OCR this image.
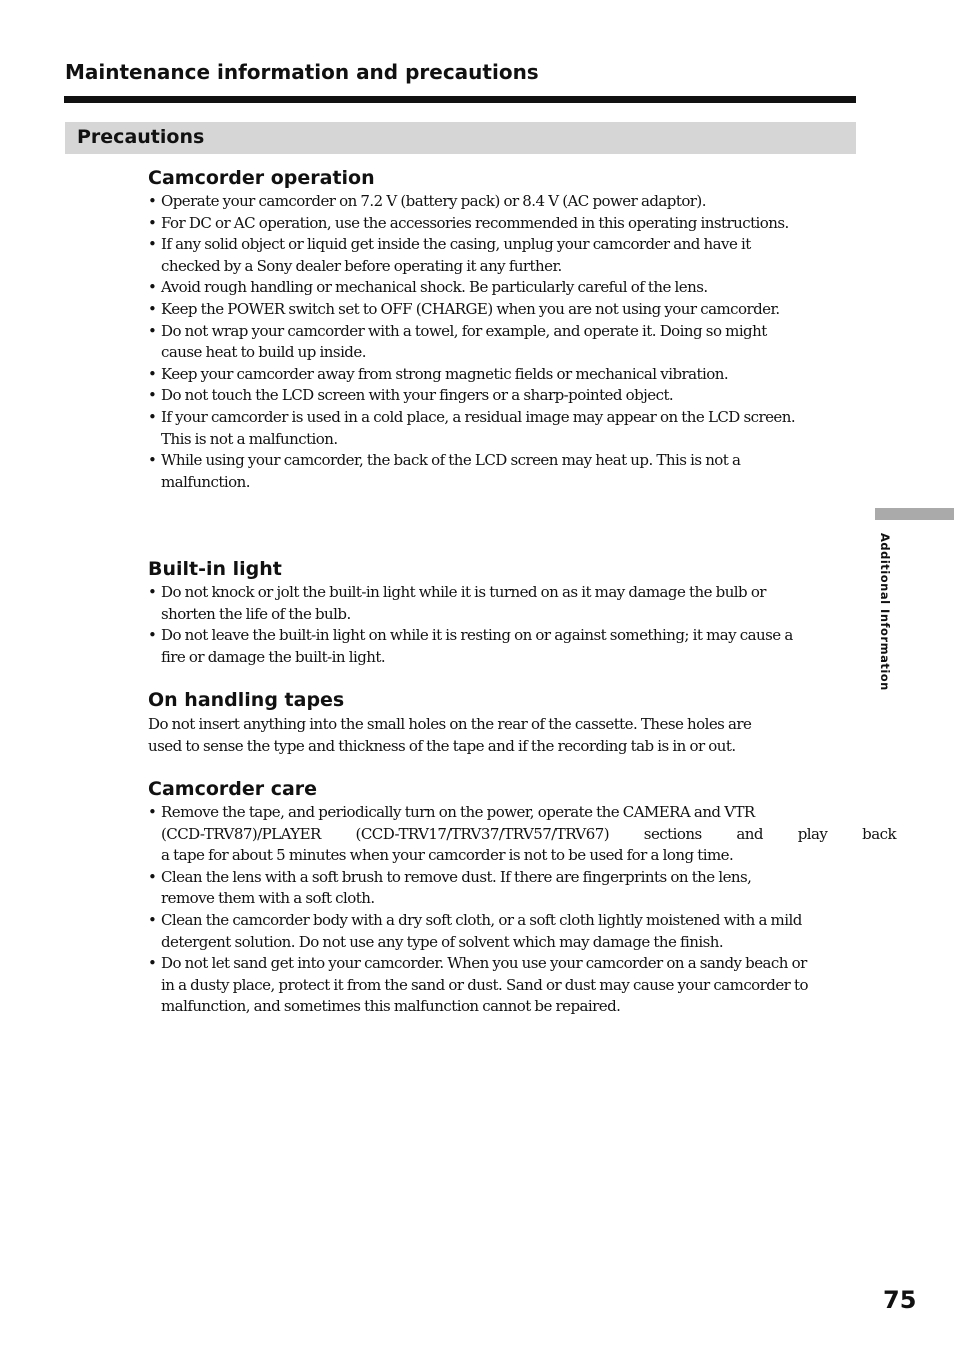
Maintenance information and precautions
Precautions
Camcorder operation
• Operate your camcorder on 7.2 V (battery pack) or 8.4 V (AC power adaptor).
• For DC or AC operation, use the accessories recommended in this operating instructions.
• If any solid object or liquid get inside the casing, unplug your camcorder and have it checked by a Sony dealer before operating it any further.
• Avoid rough handling or mechanical shock. Be particularly careful of the lens.
• Keep the POWER switch set to OFF (CHARGE) when you are not using your camcorder.
• Do not wrap your camcorder with a towel, for example, and operate it. Doing so might cause heat to build up inside.
• Keep your camcorder away from strong magnetic fields or mechanical vibration.
• Do not touch the LCD screen with your fingers or a sharp-pointed object.
• If your camcorder is used in a cold place, a residual image may appear on the LCD screen. This is not a malfunction.
• While using your camcorder, the back of the LCD screen may heat up. This is not a malfunction.
Built-in light
• Do not knock or jolt the built-in light while it is turned on as it may damage the bulb or shorten the life of the bulb.
• Do not leave the built-in light on while it is resting on or against something; it may cause a fire or damage the built-in light.
On handling tapes
Do not insert anything into the small holes on the rear of the cassette. These holes are used to sense the type and thickness of the tape and if the recording tab is in or out.
Camcorder care
• Remove the tape, and periodically turn on the power, operate the CAMERA and VTR
(CCD-TRV87)/PLAYER (CCD-TRV17/TRV37/TRV57/TRV67) sections and play back
a tape for about 5 minutes when your camcorder is not to be used for a long time.
• Clean the lens with a soft brush to remove dust. If there are fingerprints on the lens, remove them with a soft cloth.
• Clean the camcorder body with a dry soft cloth, or a soft cloth lightly moistened with a mild detergent solution. Do not use any type of solvent which may damage the finish.
• Do not let sand get into your camcorder. When you use your camcorder on a sandy beach or in a dusty place, protect it from the sand or dust. Sand or dust may cause your camcorder to malfunction, and sometimes this malfunction cannot be repaired.
Additional Information
75
